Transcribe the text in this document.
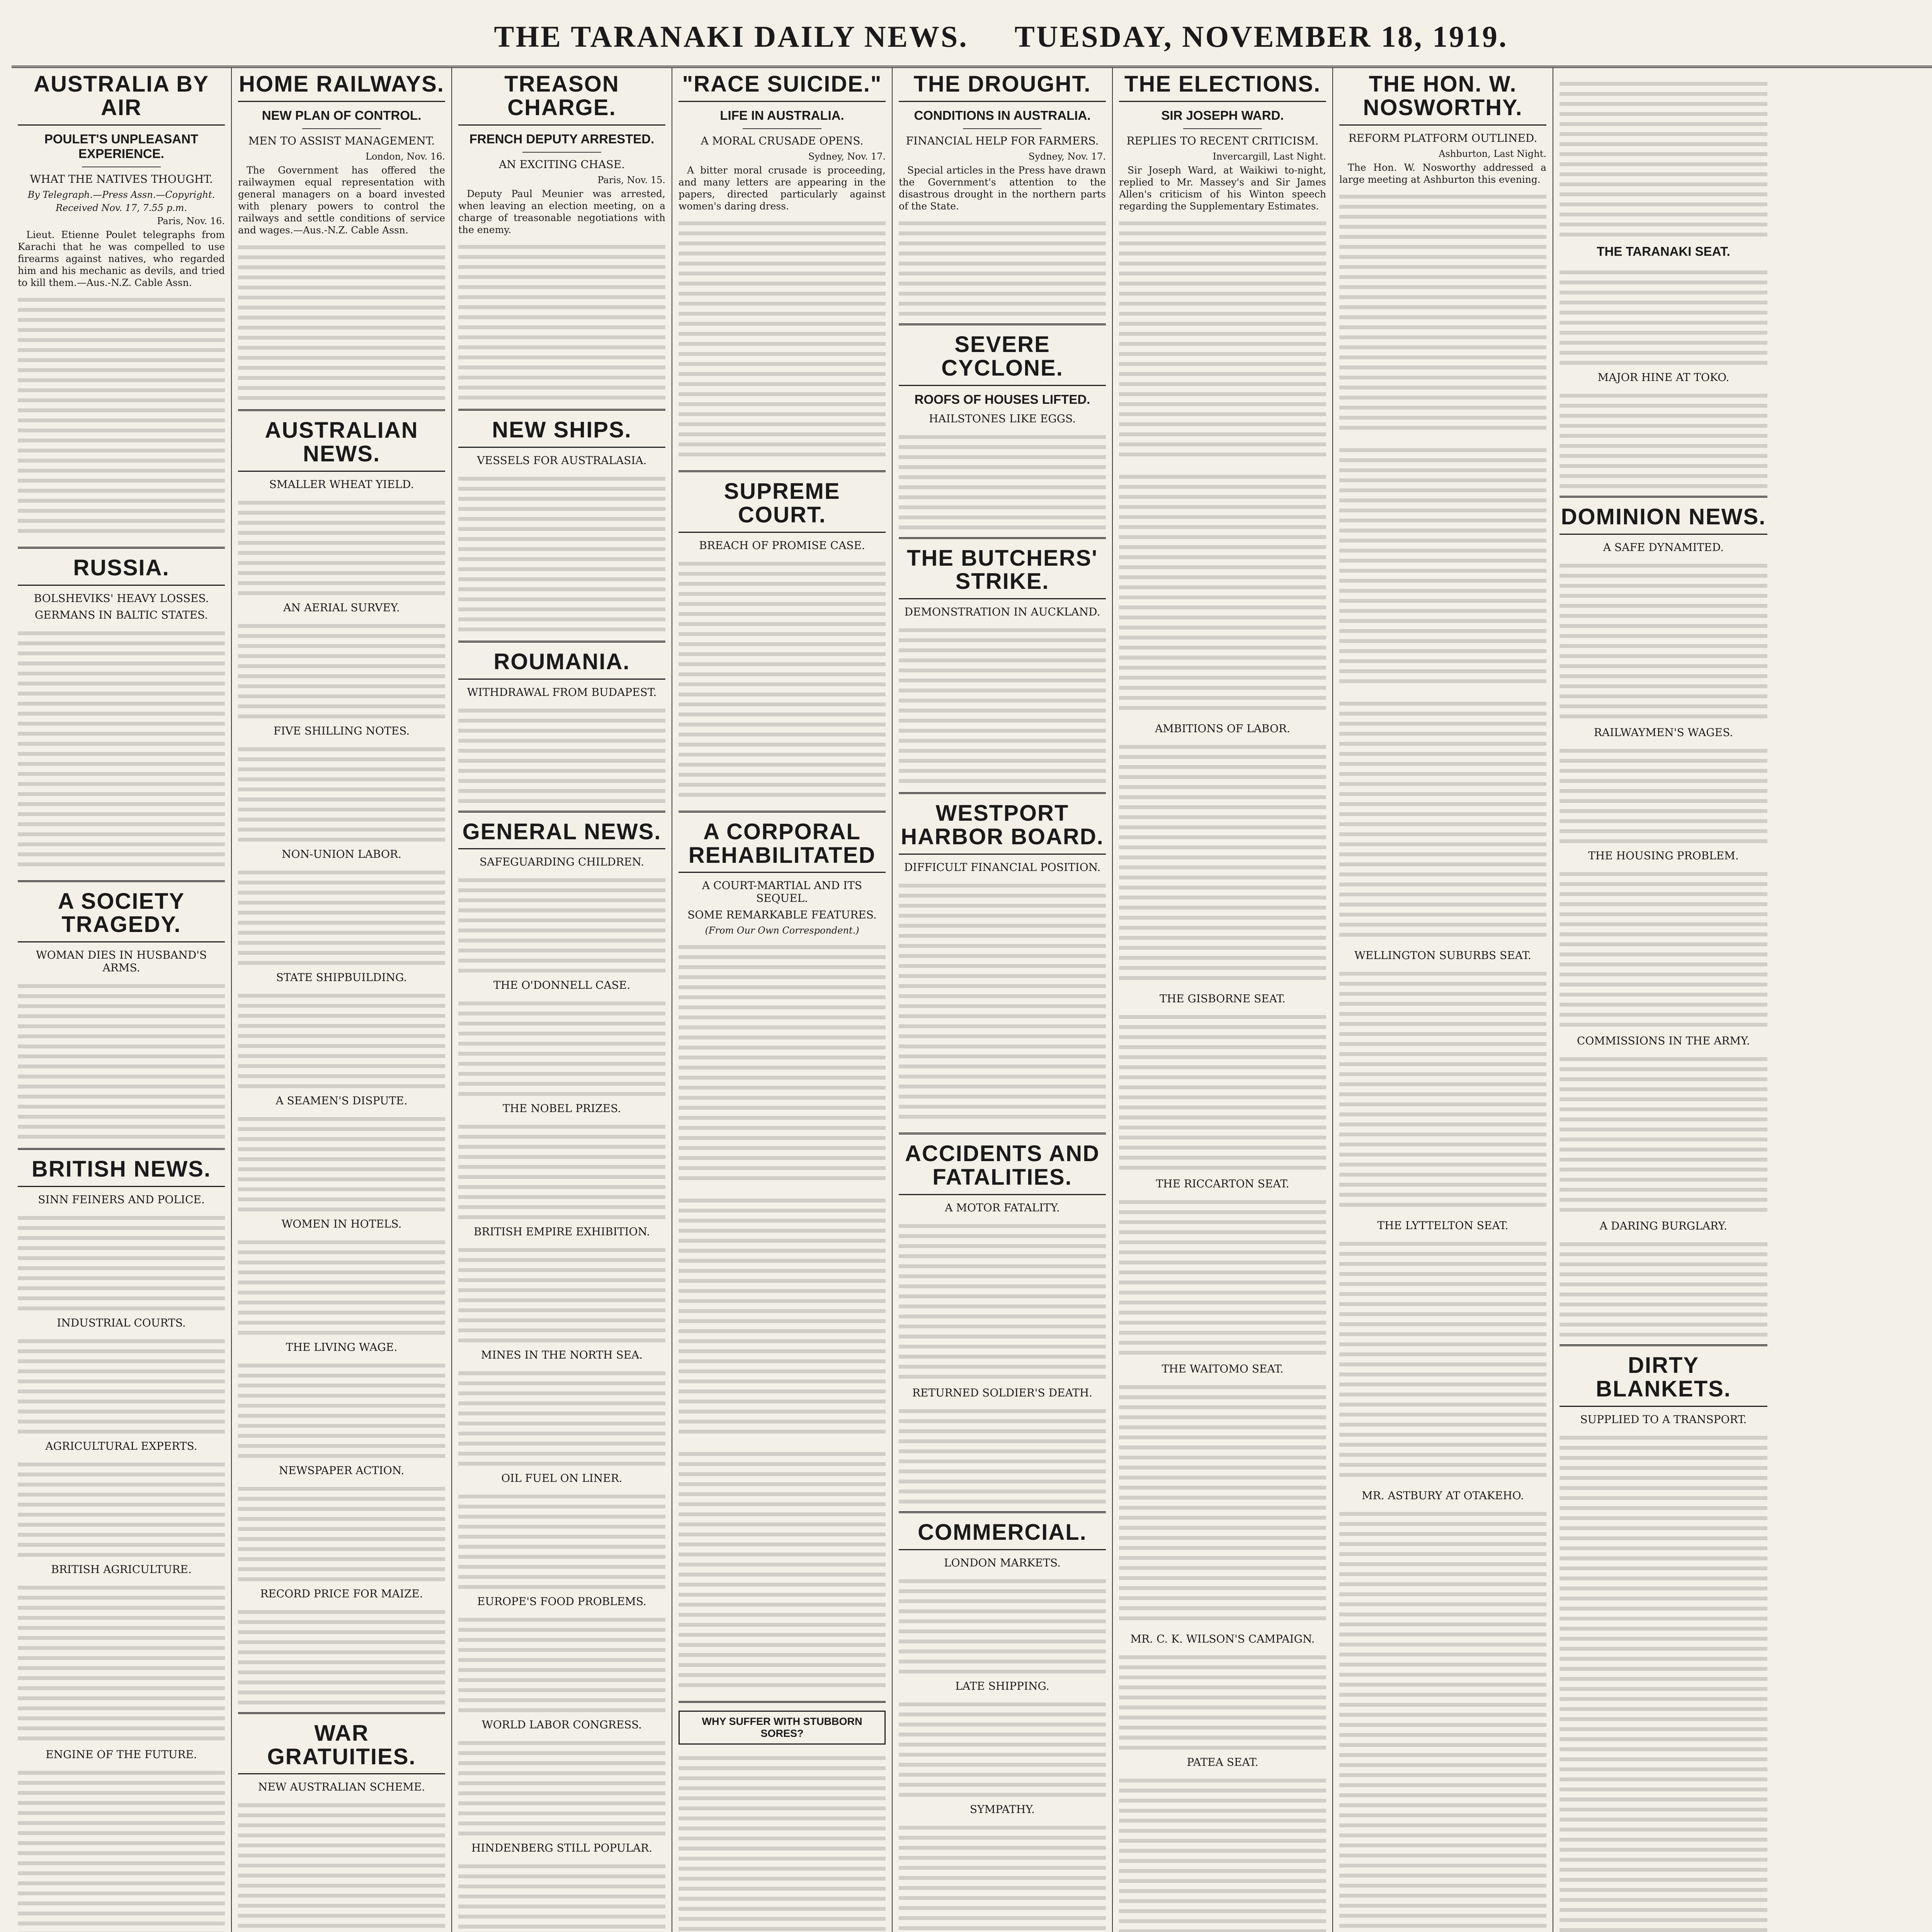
THE TARANAKI DAILY NEWS. TUESDAY, NOVEMBER 18, 1919.
AUSTRALIA BY AIR
POULET'S UNPLEASANT EXPERIENCE.
WHAT THE NATIVES THOUGHT.
By Telegraph.—Press Assn.—Copyright.
Received Nov. 17, 7.55 p.m.
Paris, Nov. 16.

Lieut. Etienne Poulet telegraphs from Karachi that he was compelled to use firearms against natives, who regarded him and his mechanic as devils, and tried to kill them.—Aus.-N.Z. Cable Assn.

RUSSIA.
BOLSHEVIKS' HEAVY LOSSES.
GERMANS IN BALTIC STATES.
A SOCIETY TRAGEDY.
WOMAN DIES IN HUSBAND'S ARMS.
BRITISH NEWS.
SINN FEINERS AND POLICE.
INDUSTRIAL COURTS.
AGRICULTURAL EXPERTS.
BRITISH AGRICULTURE.
ENGINE OF THE FUTURE.
HOME RAILWAYS.
NEW PLAN OF CONTROL.
MEN TO ASSIST MANAGEMENT.
London, Nov. 16.

The Government has offered the railwaymen equal representation with general managers on a board invested with plenary powers to control the railways and settle conditions of service and wages.—Aus.-N.Z. Cable Assn.

AUSTRALIAN NEWS.
SMALLER WHEAT YIELD.
AN AERIAL SURVEY.
FIVE SHILLING NOTES.
NON-UNION LABOR.
STATE SHIPBUILDING.
A SEAMEN'S DISPUTE.
WOMEN IN HOTELS.
THE LIVING WAGE.
NEWSPAPER ACTION.
RECORD PRICE FOR MAIZE.
WAR GRATUITIES.
NEW AUSTRALIAN SCHEME.
TREASON CHARGE.
FRENCH DEPUTY ARRESTED.
AN EXCITING CHASE.
Paris, Nov. 15.

Deputy Paul Meunier was arrested, when leaving an election meeting, on a charge of treasonable negotiations with the enemy.

NEW SHIPS.
VESSELS FOR AUSTRALASIA.
ROUMANIA.
WITHDRAWAL FROM BUDAPEST.
GENERAL NEWS.
SAFEGUARDING CHILDREN.
THE O'DONNELL CASE.
THE NOBEL PRIZES.
BRITISH EMPIRE EXHIBITION.
MINES IN THE NORTH SEA.
OIL FUEL ON LINER.
EUROPE'S FOOD PROBLEMS.
WORLD LABOR CONGRESS.
HINDENBERG STILL POPULAR.
"RACE SUICIDE."
LIFE IN AUSTRALIA.
A MORAL CRUSADE OPENS.
Sydney, Nov. 17.

A bitter moral crusade is proceeding, and many letters are appearing in the papers, directed particularly against women's daring dress.

SUPREME COURT.
BREACH OF PROMISE CASE.
A CORPORAL REHABILITATED
A COURT-MARTIAL AND ITS SEQUEL.
SOME REMARKABLE FEATURES.
(From Our Own Correspondent.)
WHY SUFFER WITH STUBBORN SORES?
THE DROUGHT.
CONDITIONS IN AUSTRALIA.
FINANCIAL HELP FOR FARMERS.
Sydney, Nov. 17.

Special articles in the Press have drawn the Government's attention to the disastrous drought in the northern parts of the State.

SEVERE CYCLONE.
ROOFS OF HOUSES LIFTED.
HAILSTONES LIKE EGGS.
THE BUTCHERS' STRIKE.
DEMONSTRATION IN AUCKLAND.
WESTPORT HARBOR BOARD.
DIFFICULT FINANCIAL POSITION.
ACCIDENTS AND FATALITIES.
A MOTOR FATALITY.
RETURNED SOLDIER'S DEATH.
COMMERCIAL.
LONDON MARKETS.
LATE SHIPPING.
SYMPATHY.
THE ELECTIONS.
SIR JOSEPH WARD.
REPLIES TO RECENT CRITICISM.
Invercargill, Last Night.

Sir Joseph Ward, at Waikiwi to-night, replied to Mr. Massey's and Sir James Allen's criticism of his Winton speech regarding the Supplementary Estimates.

AMBITIONS OF LABOR.
THE GISBORNE SEAT.
THE RICCARTON SEAT.
THE WAITOMO SEAT.
MR. C. K. WILSON'S CAMPAIGN.
PATEA SEAT.
THE HON. W. NOSWORTHY.
REFORM PLATFORM OUTLINED.
Ashburton, Last Night.

The Hon. W. Nosworthy addressed a large meeting at Ashburton this evening.

WELLINGTON SUBURBS SEAT.
THE LYTTELTON SEAT.
MR. ASTBURY AT OTAKEHO.
THE TARANAKI SEAT.
MAJOR HINE AT TOKO.
DOMINION NEWS.
A SAFE DYNAMITED.
RAILWAYMEN'S WAGES.
THE HOUSING PROBLEM.
COMMISSIONS IN THE ARMY.
A DARING BURGLARY.
DIRTY BLANKETS.
SUPPLIED TO A TRANSPORT.
